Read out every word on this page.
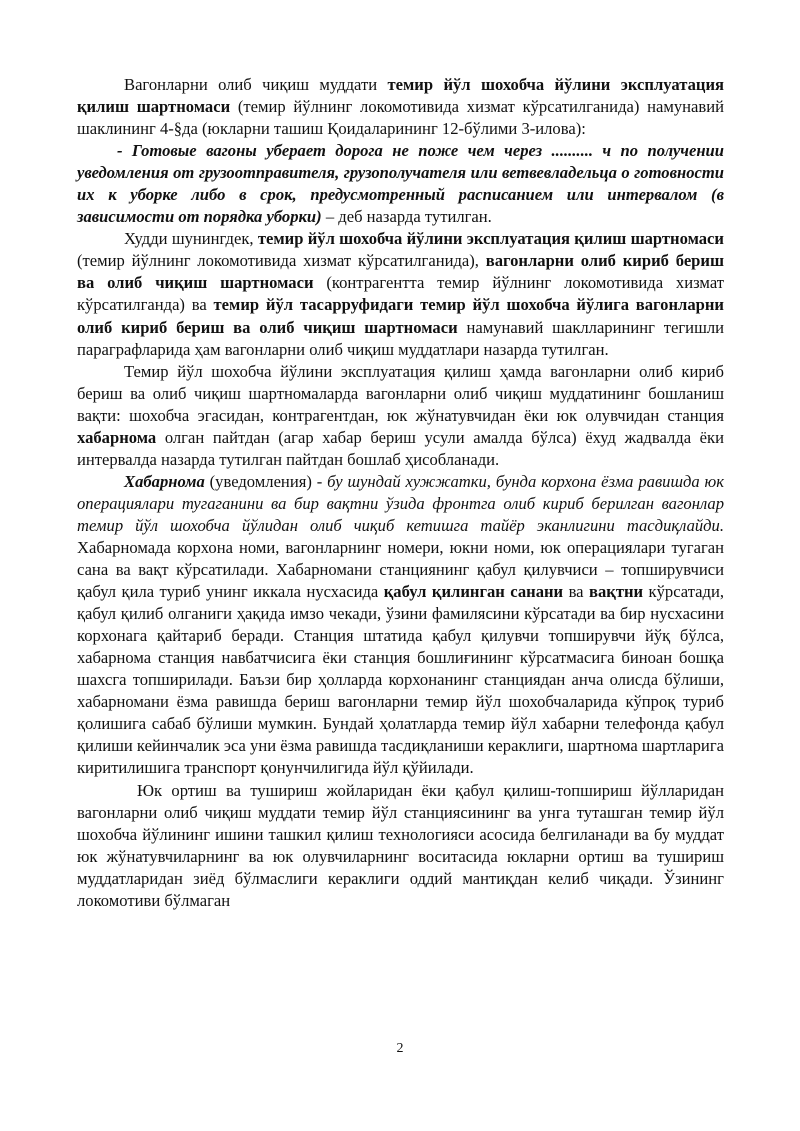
Вагонларни олиб чиқиш муддати темир йўл шохобча йўлини эксплуатация қилиш шартномаси (темир йўлнинг локомотивида хизмат кўрсатилганида) намунавий шаклининг 4-§да (юкларни ташиш Қоидаларининг 12-бўлими 3-илова):

- Готовые вагоны уберает дорога не поже чем через .......... ч по получении уведомления от грузоотправителя, грузополучателя или ветвевладельца о готовности их к уборке либо в срок, предусмотренный расписанием или интервалом (в зависимости от порядка уборки) – деб назарда тутилган.

Худди шунингдек, темир йўл шохобча йўлини эксплуатация қилиш шартномаси (темир йўлнинг локомотивида хизмат кўрсатилганида), вагонларни олиб кириб бериш ва олиб чиқиш шартномаси (контрагентта темир йўлнинг локомотивида хизмат кўрсатилганда) ва темир йўл тасарруфидаги темир йўл шохобча йўлига вагонларни олиб кириб бериш ва олиб чиқиш шартномаси намунавий шаклларининг тегишли параграфларида ҳам вагонларни олиб чиқиш муддатлари назарда тутилган.

Темир йўл шохобча йўлини эксплуатация қилиш ҳамда вагонларни олиб кириб бериш ва олиб чиқиш шартномаларда вагонларни олиб чиқиш муддатининг бошланиш вақти: шохобча эгасидан, контрагентдан, юк жўнатувчидан ёки юк олувчидан станция хабарнома олган пайтдан (агар хабар бериш усули амалда бўлса) ёхуд жадвалда ёки интервалда назарда тутилган пайтдан бошлаб ҳисобланади.

Хабарнома (уведомления) - бу шундай хужжатки, бунда корхона ёзма равишда юк операциялари тугаганини ва бир вақтни ўзида фронтга олиб кириб берилган вагонлар темир йўл шохобча йўлидан олиб чиқиб кетишга тайёр эканлигини тасдиқлайди. Хабарномада корхона номи, вагонларнинг номери, юкни номи, юк операциялари тугаган сана ва вақт кўрсатилади. Хабарномани станциянинг қабул қилувчиси – топширувчиси қабул қила туриб унинг иккала нусхасида қабул қилинган санани ва вақтни кўрсатади, қабул қилиб олганиги ҳақида имзо чекади, ўзини фамилясини кўрсатади ва бир нусхасини корхонага қайтариб беради. Станция штатида қабул қилувчи топширувчи йўқ бўлса, хабарнома станция навбатчисига ёки станция бошлиғининг кўрсатмасига биноан бошқа шахсга топширилади. Баъзи бир ҳолларда корхонанинг станциядан анча олисда бўлиши, хабарномани ёзма равишда бериш вагонларни темир йўл шохобчаларида кўпроқ туриб қолишига сабаб бўлиши мумкин. Бундай ҳолатларда темир йўл хабарни телефонда қабул қилиши кейинчалик эса уни ёзма равишда тасдиқланиши кераклиги, шартнома шартларига киритилишига транспорт қонунчилигида йўл қўйилади.

Юк ортиш ва тушириш жойларидан ёки қабул қилиш-топшириш йўлларидан вагонларни олиб чиқиш муддати темир йўл станциясининг ва унга туташган темир йўл шохобча йўлининг ишини ташкил қилиш технологияси асосида белгиланади ва бу муддат юк жўнатувчиларнинг ва юк олувчиларнинг воситасида юкларни ортиш ва тушириш муддатларидан зиёд бўлмаслиги кераклиги оддий мантиқдан келиб чиқади. Ўзининг локомотиви бўлмаган

2
